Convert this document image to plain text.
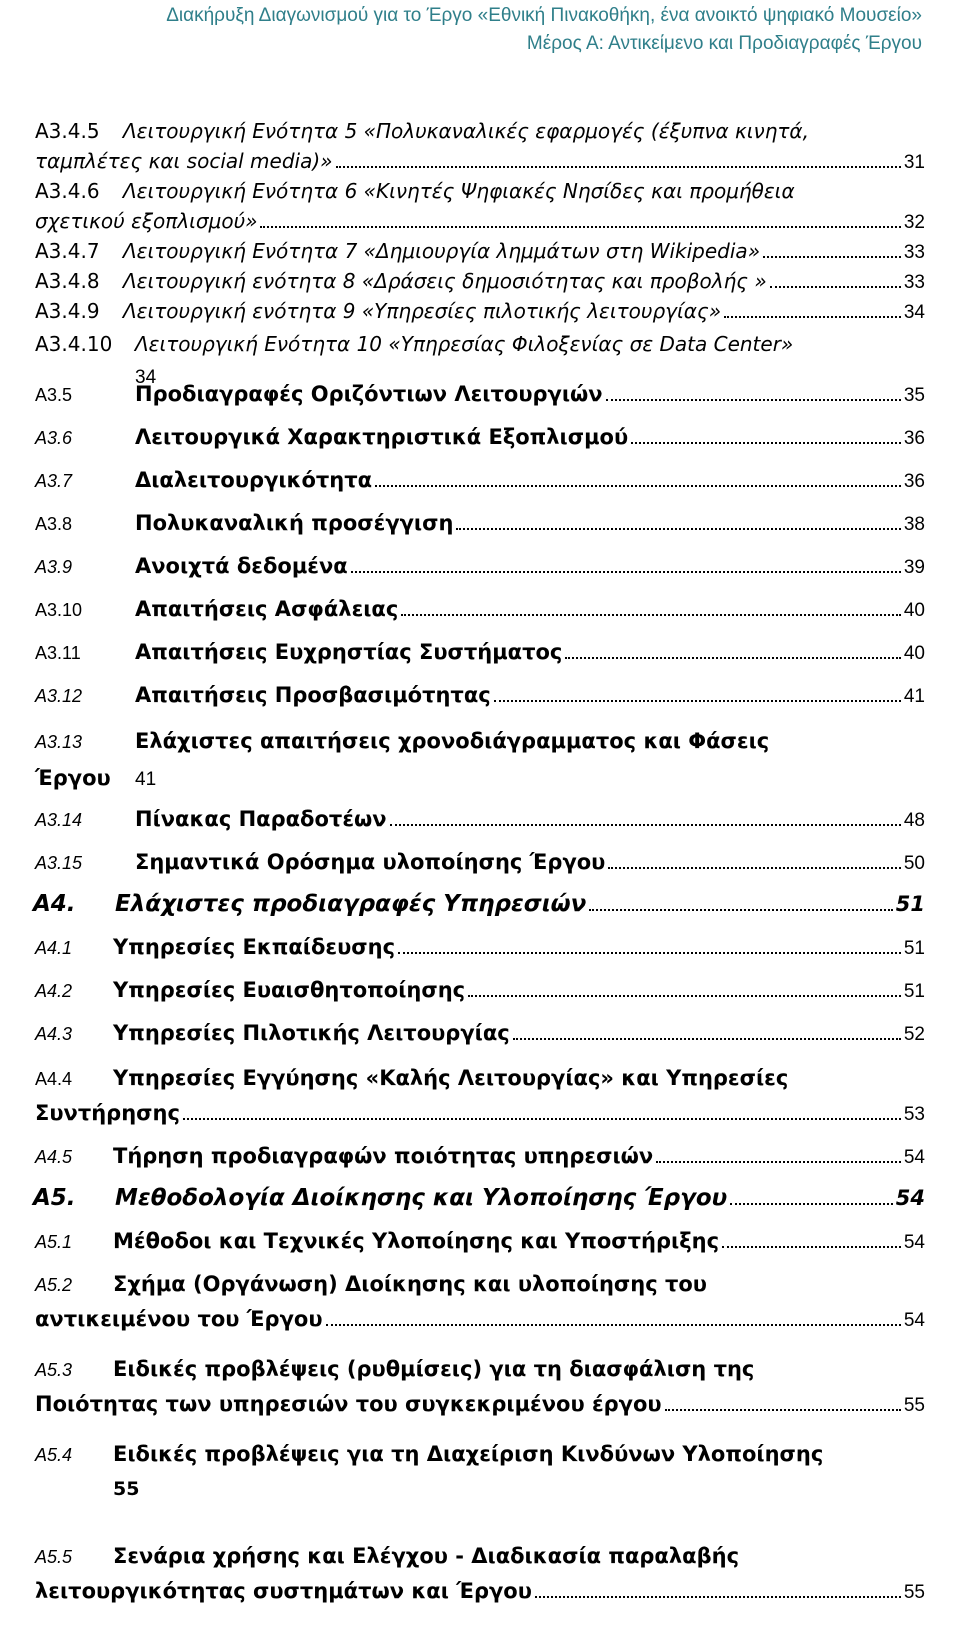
Διακήρυξη Διαγωνισμού για το Έργο «Εθνική Πινακοθήκη, ένα ανοικτό ψηφιακό Μουσείο»
Μέρος Α: Αντικείμενο και Προδιαγραφές Έργου
A3.4.5	Λειτουργική Ενότητα 5 «Πολυκαναλικές εφαρμογές (έξυπνα κινητά,
ταμπλέτες και social media)»	31
A3.4.6	Λειτουργική Ενότητα 6 «Κινητές Ψηφιακές Νησίδες και προμήθεια
σχετικού εξοπλισμού»	32
A3.4.7	Λειτουργική Ενότητα 7 «Δημιουργία λημμάτων στη Wikipedia»	33
A3.4.8	Λειτουργική ενότητα 8 «Δράσεις δημοσιότητας και προβολής »	33
A3.4.9	Λειτουργική ενότητα 9 «Υπηρεσίες πιλοτικής λειτουργίας»	34
A3.4.10	Λειτουργική Ενότητα 10 «Υπηρεσίας Φιλοξενίας σε Data Center»
34
A3.5	Προδιαγραφές Οριζόντιων Λειτουργιών	35
A3.6	Λειτουργικά Χαρακτηριστικά Εξοπλισμού	36
A3.7	Διαλειτουργικότητα	36
A3.8	Πολυκαναλική προσέγγιση	38
A3.9	Ανοιχτά δεδομένα	39
A3.10	Απαιτήσεις Ασφάλειας	40
A3.11	Απαιτήσεις Ευχρηστίας Συστήματος	40
A3.12	Απαιτήσεις Προσβασιμότητας	41
A3.13	Ελάχιστες απαιτήσεις χρονοδιάγραμματος και Φάσεις
Έργου	41
A3.14	Πίνακας Παραδοτέων	48
A3.15	Σημαντικά Ορόσημα υλοποίησης Έργου	50
A4.	Ελάχιστες προδιαγραφές Υπηρεσιών	51
A4.1	Υπηρεσίες Εκπαίδευσης	51
A4.2	Υπηρεσίες Ευαισθητοποίησης	51
A4.3	Υπηρεσίες Πιλοτικής Λειτουργίας	52
A4.4	Υπηρεσίες Εγγύησης «Καλής Λειτουργίας» και Υπηρεσίες
Συντήρησης	53
A4.5	Τήρηση προδιαγραφών ποιότητας υπηρεσιών	54
A5.	Μεθοδολογία Διοίκησης και Υλοποίησης Έργου	54
A5.1	Μέθοδοι και Τεχνικές Υλοποίησης και Υποστήριξης	54
A5.2	Σχήμα (Οργάνωση) Διοίκησης και υλοποίησης του
αντικειμένου του Έργου	54
A5.3	Ειδικές προβλέψεις (ρυθμίσεις) για τη διασφάλιση της
Ποιότητας των υπηρεσιών του συγκεκριμένου έργου	55
A5.4	Ειδικές προβλέψεις για τη Διαχείριση Κινδύνων Υλοποίησης
55
A5.5	Σενάρια χρήσης και Ελέγχου - Διαδικασία παραλαβής
λειτουργικότητας συστημάτων και Έργου	55
